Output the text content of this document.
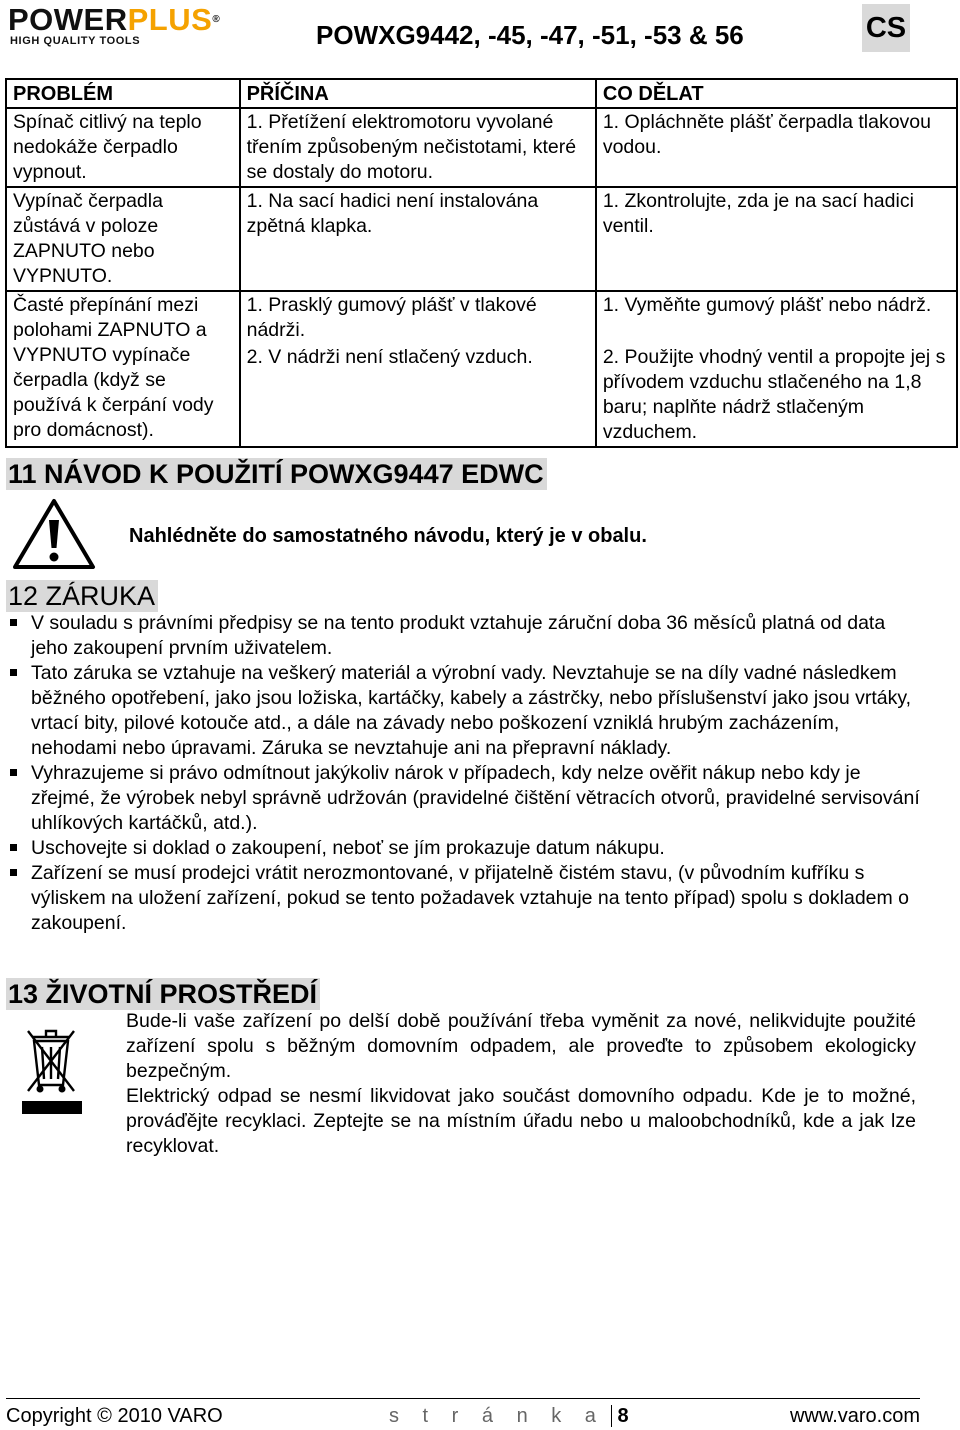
POWERPLUS®
HIGH QUALITY TOOLS	POWXG9442, -45, -47, -51, -53 & 56	CS
PROBLÉM	PŘÍČINA	CO DĚLAT
Spínač citlivý na teplo nedokáže čerpadlo vypnout.	1. Přetížení elektromotoru vyvolané třením způsobeným nečistotami, které se dostaly do motoru.	1. Opláchněte plášť čerpadla tlakovou vodou.
Vypínač čerpadla zůstává v poloze ZAPNUTO nebo VYPNUTO.	1. Na sací hadici není instalována zpětná klapka.	1. Zkontrolujte, zda je na sací hadici ventil.
Časté přepínání mezi polohami ZAPNUTO a VYPNUTO vypínače čerpadla (když se používá k čerpání vody pro domácnost).	1. Prasklý gumový plášť v tlakové nádrži.	1. Vyměňte gumový plášť nebo nádrž.
	2. V nádrži není stlačený vzduch.	2. Použijte vhodný ventil a propojte jej s přívodem vzduchu stlačeného na 1,8 baru; naplňte nádrž stlačeným vzduchem.
11 NÁVOD K POUŽITÍ POWXG9447 EDWC
Nahlédněte do samostatného návodu, který je v obalu.
12 ZÁRUKA
V souladu s právními předpisy se na tento produkt vztahuje záruční doba 36 měsíců platná od data jeho zakoupení prvním uživatelem.
Tato záruka se vztahuje na veškerý materiál a výrobní vady. Nevztahuje se na díly vadné následkem běžného opotřebení, jako jsou ložiska, kartáčky, kabely a zástrčky, nebo příslušenství jako jsou vrtáky, vrtací bity, pilové kotouče atd., a dále na závady nebo poškození vzniklá hrubým zacházením, nehodami nebo úpravami. Záruka se nevztahuje ani na přepravní náklady.
Vyhrazujeme si právo odmítnout jakýkoliv nárok v případech, kdy nelze ověřit nákup nebo kdy je zřejmé, že výrobek nebyl správně udržován (pravidelné čištění větracích otvorů, pravidelné servisování uhlíkových kartáčků, atd.).
Uschovejte si doklad o zakoupení, neboť se jím prokazuje datum nákupu.
Zařízení se musí prodejci vrátit nerozmontované, v přijatelně čistém stavu, (v původním kufříku s výliskem na uložení zařízení, pokud se tento požadavek vztahuje na tento případ) spolu s dokladem o zakoupení.
13 ŽIVOTNÍ PROSTŘEDÍ

Bude-li vaše zařízení po delší době používání třeba vyměnit za nové, nelikvidujte použité zařízení spolu s běžným domovním odpadem, ale proveďte to způsobem ekologicky bezpečným.

Elektrický odpad se nesmí likvidovat jako součást domovního odpadu. Kde je to možné, prováďějte recyklaci. Zeptejte se na místním úřadu nebo u maloobchodníků, kde a jak lze recyklovat.

Copyright © 2010 VARO	s t r á n k a 8	www.varo.com
